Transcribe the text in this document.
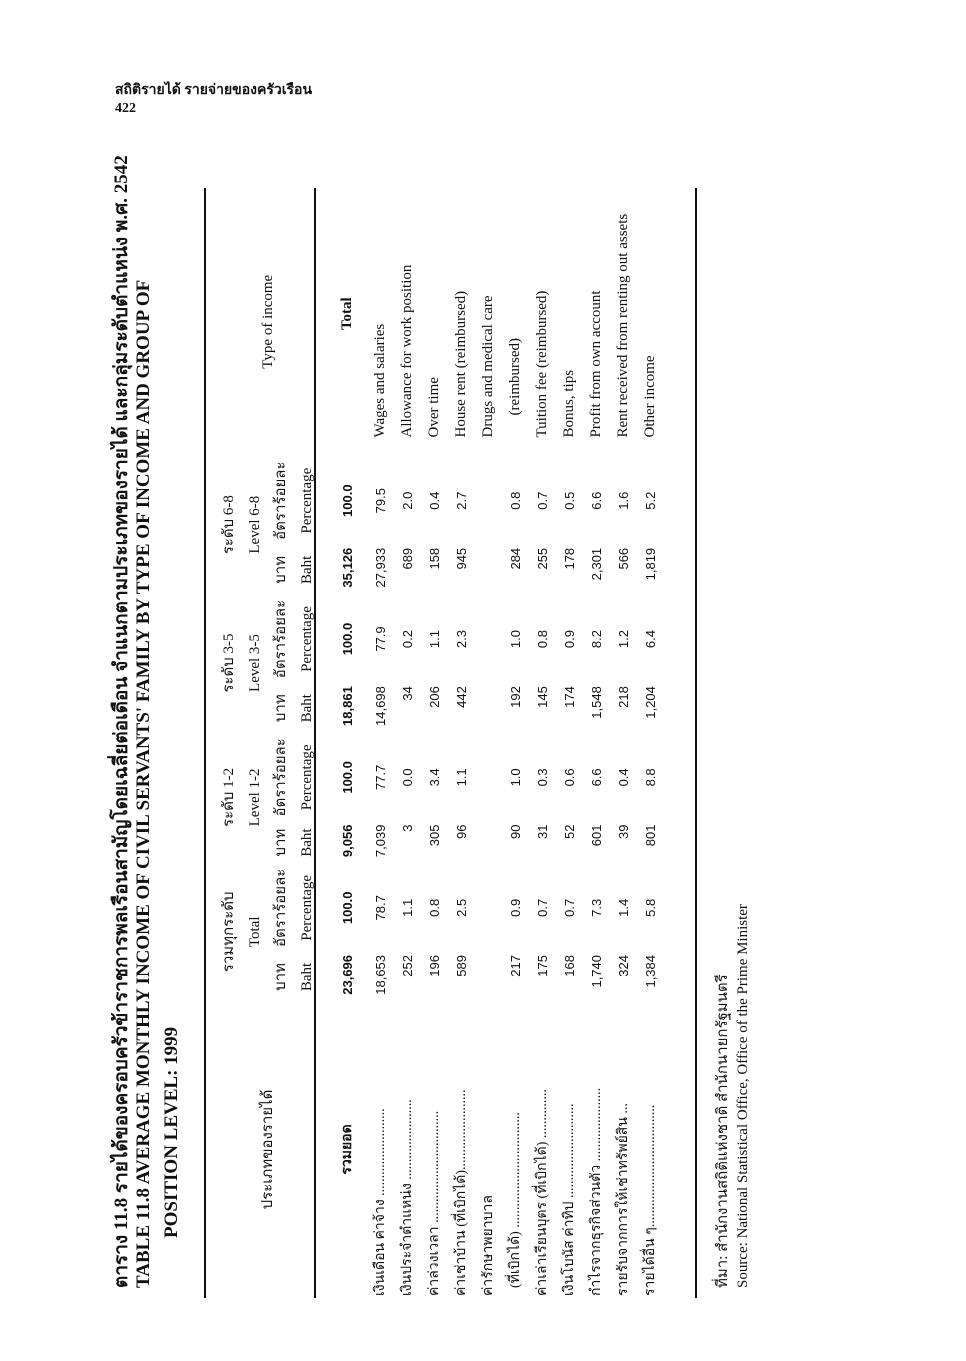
สถิติรายได้ รายจ่ายของครัวเรือน
422
ตาราง 11.8 รายได้ของครอบครัวข้าราชการพลเรือนสามัญโดยเฉลี่ยต่อเดือน จำแนกตามประเภทของรายได้ และกลุ่มระดับตำแหน่ง พ.ศ. 2542 TABLE 11.8 AVERAGE MONTHLY INCOME OF CIVIL SERVANTS' FAMILY BY TYPE OF INCOME AND GROUP OF POSITION LEVEL: 1999	ประเภทของรายได้	รวมทุกระดับ		ระดับ 1-2		ระดับ 3-5		ระดับ 6-8		Type of income
	Total		Level 1-2		Level 3-5		Level 6-8		
	บาท	อัตราร้อยละ	บาท	อัตราร้อยละ	บาท	อัตราร้อยละ	บาท	อัตราร้อยละ	
	Baht	Percentage	Baht	Percentage	Baht	Percentage	Baht	Percentage	
รวมยอด	23,696	100.0	9,056	100.0	18,861	100.0	35,126	100.0	Total
เงินเดือน ค่าจ้าง .........................	18,653	78.7	7,039	77.7	14,698	77.9	27,933	79.5	Wages and salaries
เงินประจำตำแหน่ง .......................	252	1.1	3	0.0	34	0.2	689	2.0	Allowance for work position
ค่าล่วงเวลา ................................	196	0.8	305	3.4	206	1.1	158	0.4	Over time
ค่าเช่าบ้าน (ที่เบิกได้).......................	589	2.5	96	1.1	442	2.3	945	2.7	House rent (reimbursed)
ค่ารักษาพยาบาล									Drugs and medical care
(ที่เบิกได้) .................................	217	0.9	90	1.0	192	1.0	284	0.8	(reimbursed)
ค่าเล่าเรียนบุตร (ที่เบิกได้) ..............	175	0.7	31	0.3	145	0.8	255	0.7	Tuition fee (reimbursed)
เงินโบนัส ค่าทิป ...........................	168	0.7	52	0.6	174	0.9	178	0.5	Bonus, tips
กำไรจากธุรกิจส่วนตัว .....................	1,740	7.3	601	6.6	1,548	8.2	2,301	6.6	Profit from own account
รายรับจากการให้เช่าทรัพย์สิน ...	324	1.4	39	0.4	218	1.2	566	1.6	Rent received from renting out assets
รายได้อื่น ๆ...................................	1,384	5.8	801	8.8	1,204	6.4	1,819	5.2	Other income
ที่มา: สำนักงานสถิติแห่งชาติ สำนักนายกรัฐมนตรี Source: National Statistical Office, Office of the Prime Minister
